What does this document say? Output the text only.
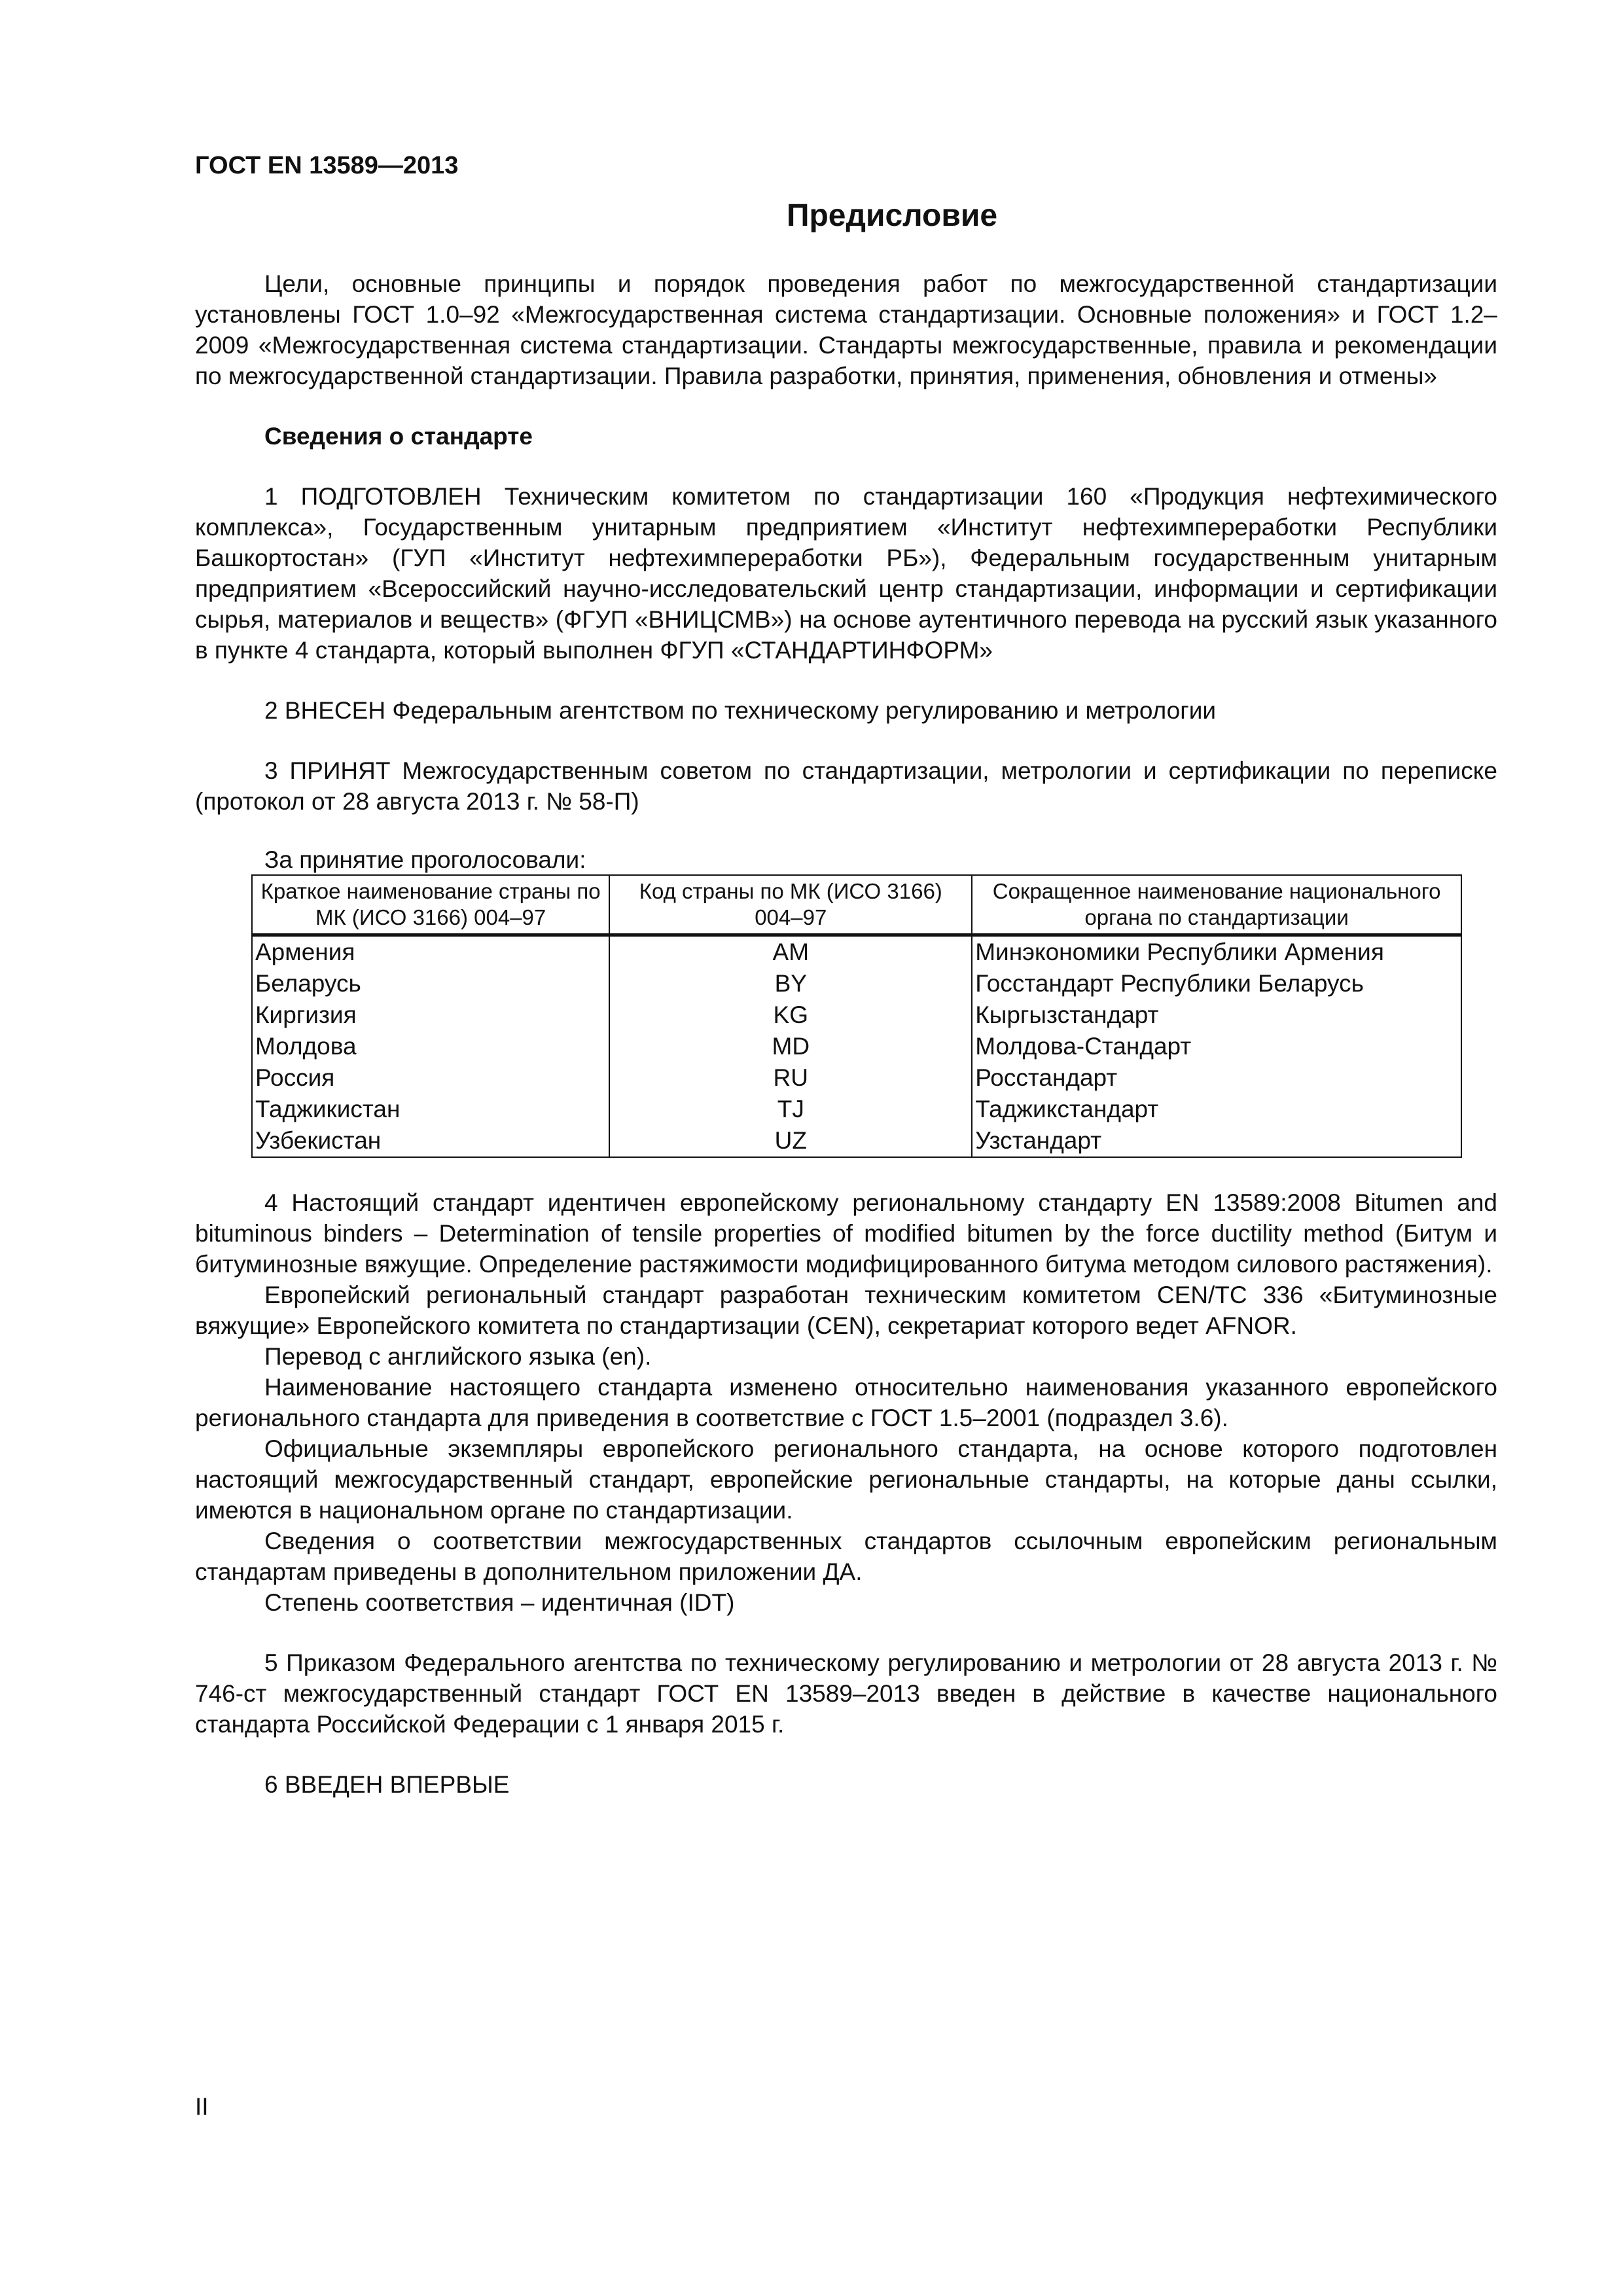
ГОСТ EN 13589—2013
Предисловие

Цели, основные принципы и порядок проведения работ по межгосударственной стандартизации установлены ГОСТ 1.0–92 «Межгосударственная система стандартизации. Основные положения» и ГОСТ 1.2–2009 «Межгосударственная система стандартизации. Стандарты межгосударственные, правила и рекомендации по межгосударственной стандартизации. Правила разработки, принятия, применения, обновления и отмены»

Сведения о стандарте

1 ПОДГОТОВЛЕН Техническим комитетом по стандартизации 160 «Продукция нефтехимического комплекса», Государственным унитарным предприятием «Институт нефтехимпереработки Республики Башкортостан» (ГУП «Институт нефтехимпереработки РБ»), Федеральным государственным унитарным предприятием «Всероссийский научно-исследовательский центр стандартизации, информации и сертификации сырья, материалов и веществ» (ФГУП «ВНИЦСМВ») на основе аутентичного перевода на русский язык указанного в пункте 4 стандарта, который выполнен ФГУП «СТАНДАРТИНФОРМ»

2 ВНЕСЕН Федеральным агентством по техническому регулированию и метрологии

3 ПРИНЯТ Межгосударственным советом по стандартизации, метрологии и сертификации по переписке (протокол от 28 августа 2013 г. № 58-П)

За принятие проголосовали:
Краткое наименование страны по МК (ИСО 3166) 004–97	Код страны по МК (ИСО 3166) 004–97	Сокращенное наименование национального органа по стандартизации
Армения	AM	Минэкономики Республики Армения
Беларусь	BY	Госстандарт Республики Беларусь
Киргизия	KG	Кыргызстандарт
Молдова	MD	Молдова-Стандарт
Россия	RU	Росстандарт
Таджикистан	TJ	Таджикстандарт
Узбекистан	UZ	Узстандарт

4 Настоящий стандарт идентичен европейскому региональному стандарту EN 13589:2008 Bitumen and bituminous binders – Determination of tensile properties of modified bitumen by the force ductility method (Битум и битуминозные вяжущие. Определение растяжимости модифицированного битума методом силового растяжения).

Европейский региональный стандарт разработан техническим комитетом CEN/TC 336 «Битуминозные вяжущие» Европейского комитета по стандартизации (CEN), секретариат которого ведет AFNOR.

Перевод с английского языка (en).

Наименование настоящего стандарта изменено относительно наименования указанного европейского регионального стандарта для приведения в соответствие с ГОСТ 1.5–2001 (подраздел 3.6).

Официальные экземпляры европейского регионального стандарта, на основе которого подготовлен настоящий межгосударственный стандарт, европейские региональные стандарты, на которые даны ссылки, имеются в национальном органе по стандартизации.

Сведения о соответствии межгосударственных стандартов ссылочным европейским региональным стандартам приведены в дополнительном приложении ДА.

Степень соответствия – идентичная (IDT)

5 Приказом Федерального агентства по техническому регулированию и метрологии от 28 августа 2013 г. № 746-ст межгосударственный стандарт ГОСТ EN 13589–2013 введен в действие в качестве национального стандарта Российской Федерации с 1 января 2015 г.

6 ВВЕДЕН ВПЕРВЫЕ

II
